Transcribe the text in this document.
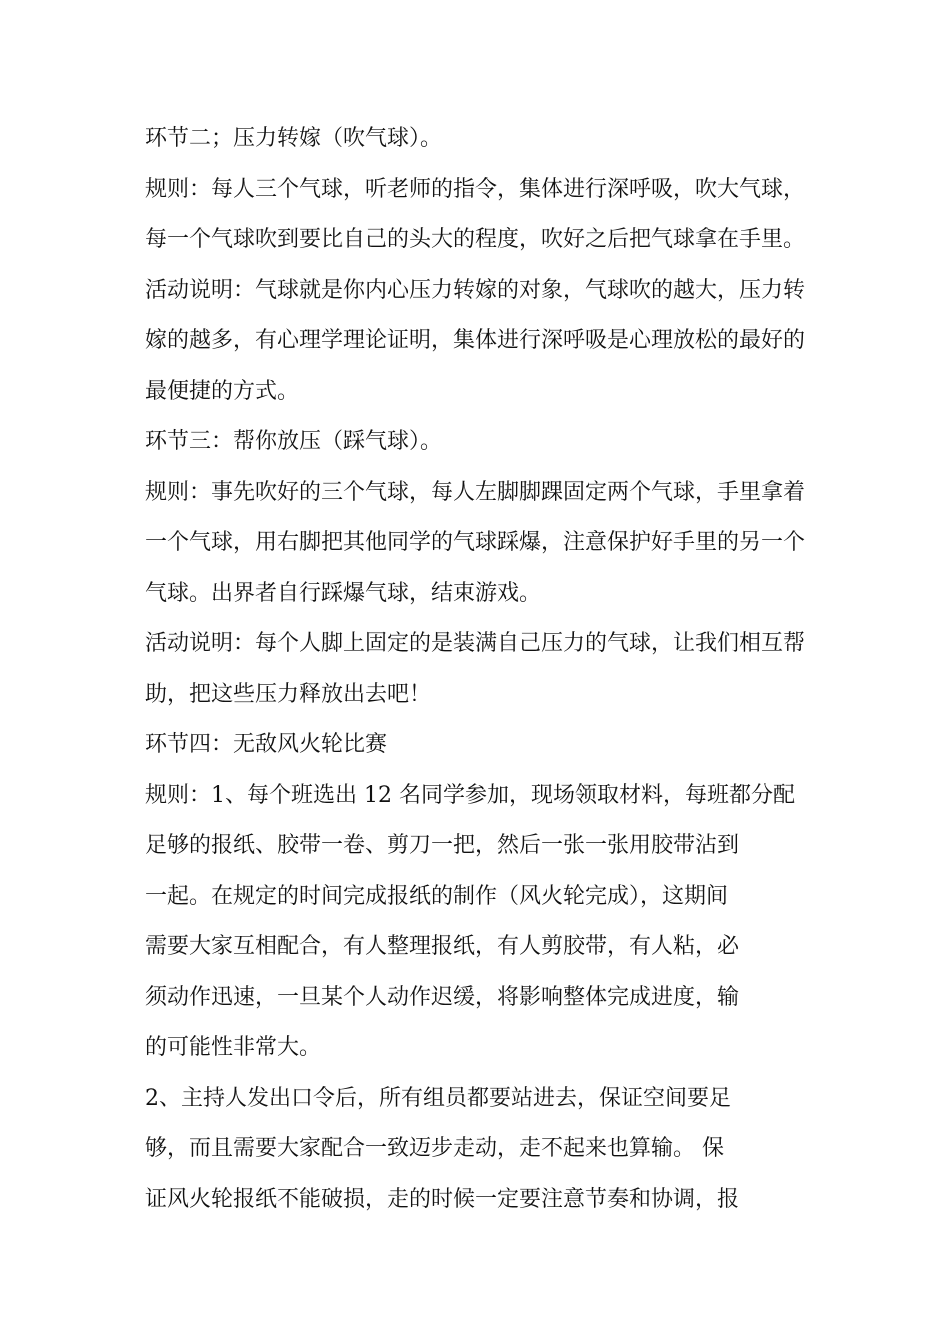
环节二；压力转嫁（吹气球）。
规则：每人三个气球，听老师的指令，集体进行深呼吸，吹大气球，
每一个气球吹到要比自己的头大的程度，吹好之后把气球拿在手里。
活动说明：气球就是你内心压力转嫁的对象，气球吹的越大，压力转
嫁的越多，有心理学理论证明，集体进行深呼吸是心理放松的最好的
最便捷的方式。
环节三：帮你放压（踩气球）。
规则：事先吹好的三个气球，每人左脚脚踝固定两个气球，手里拿着
一个气球，用右脚把其他同学的气球踩爆，注意保护好手里的另一个
气球。出界者自行踩爆气球，结束游戏。
活动说明：每个人脚上固定的是装满自己压力的气球，让我们相互帮
助，把这些压力释放出去吧！
环节四：无敌风火轮比赛
规则：1、每个班选出 12 名同学参加，现场领取材料，每班都分配
足够的报纸、胶带一卷、剪刀一把，然后一张一张用胶带沾到
一起。在规定的时间完成报纸的制作（风火轮完成），这期间
需要大家互相配合，有人整理报纸，有人剪胶带，有人粘，必
须动作迅速，一旦某个人动作迟缓，将影响整体完成进度，输
的可能性非常大。
2、主持人发出口令后，所有组员都要站进去，保证空间要足
够，而且需要大家配合一致迈步走动，走不起来也算输。 保
证风火轮报纸不能破损，走的时候一定要注意节奏和协调，报
